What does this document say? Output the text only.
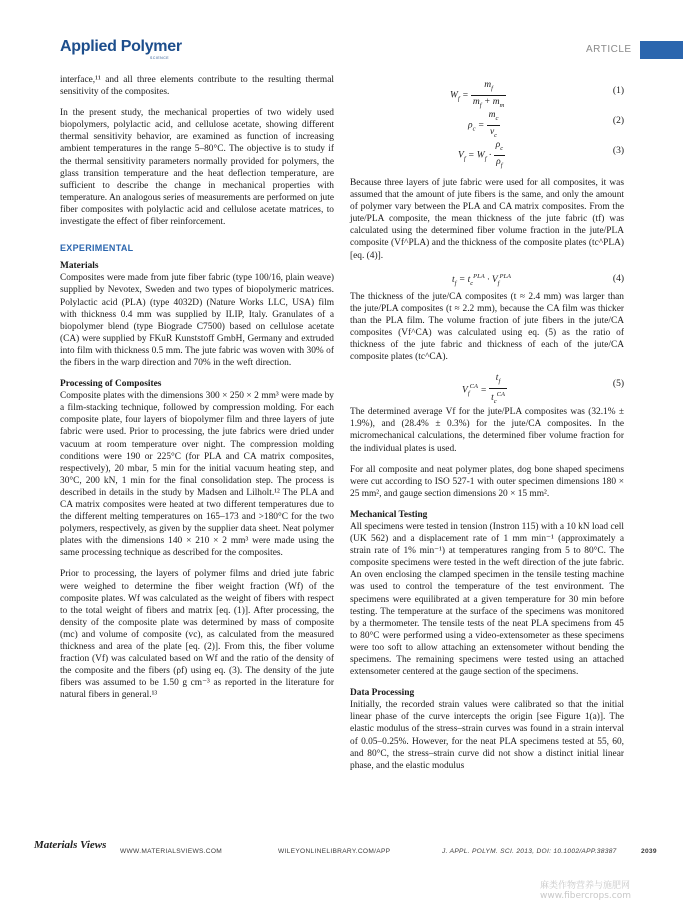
Applied Polymer
SCIENCE
ARTICLE

interface,¹¹ and all three elements contribute to the resulting thermal sensitivity of the composites.

In the present study, the mechanical properties of two widely used biopolymers, polylactic acid, and cellulose acetate, showing different thermal sensitivity behavior, are examined as function of increasing ambient temperatures in the range 5–80°C. The objective is to study if the thermal sensitivity parameters normally provided for polymers, the glass transition temperature and the heat deflection temperature, are sufficient to describe the change in mechanical properties with temperature. An analogous series of measurements are performed on jute fiber composites with polylactic acid and cellulose acetate matrices, to investigate the effect of fiber reinforcement.

EXPERIMENTAL
Materials

Composites were made from jute fiber fabric (type 100/16, plain weave) supplied by Nevotex, Sweden and two types of biopolymeric matrices. Polylactic acid (PLA) (type 4032D) (Nature Works LLC, USA) film with thickness 0.4 mm was supplied by ILIP, Italy. Granulates of a biopolymer blend (type Biograde C7500) based on cellulose acetate (CA) were supplied by FKuR Kunststoff GmbH, Germany and extruded into film with thickness 0.5 mm. The jute fabric was woven with 30% of the fibers in the warp direction and 70% in the weft direction.

Processing of Composites

Composite plates with the dimensions 300 × 250 × 2 mm³ were made by a film-stacking technique, followed by compression molding. For each composite plate, four layers of biopolymer film and three layers of jute fabric were used. Prior to processing, the jute fabrics were dried under vacuum at room temperature over night. The compression molding conditions were 190 or 225°C (for PLA and CA matrix composites, respectively), 20 mbar, 5 min for the initial vacuum heating step, and 30°C, 200 kN, 1 min for the final consolidation step. The process is described in details in the study by Madsen and Lilholt.¹² The PLA and CA matrix composites were heated at two different temperatures due to the different melting temperatures on 165–173 and >180°C for the two polymers, respectively, as given by the supplier data sheet. Neat polymer plates with the dimensions 140 × 210 × 2 mm³ were made using the same processing technique as described for the composites.

Prior to processing, the layers of polymer films and dried jute fabric were weighed to determine the fiber weight fraction (Wf) of the composite plates. Wf was calculated as the weight of fibers with respect to the total weight of fibers and matrix [eq. (1)]. After processing, the density of the composite plate was determined by mass of composite (mc) and volume of composite (vc), as calculated from the measured thickness and area of the plate [eq. (2)]. From this, the fiber volume fraction (Vf) was calculated based on Wf and the ratio of the density of the composite and the fibers (ρf) using eq. (3). The density of the jute fibers was assumed to be 1.50 g cm⁻³ as reported in the literature for natural fibers in general.¹³

$W_f = \frac{m_f}{m_f + m_m}$	(1)
$\rho_c = \frac{m_c}{v_c}$	(2)
$V_f = W_f \cdot \frac{\rho_c}{\rho_f}$	(3)

Because three layers of jute fabric were used for all composites, it was assumed that the amount of jute fibers is the same, and only the amount of polymer vary between the PLA and CA matrix composites. From the jute/PLA composite, the mean thickness of the jute fabric (tf) was calculated using the determined fiber volume fraction in the jute/PLA composite (Vf^PLA) and the thickness of the composite plates (tc^PLA) [eq. (4)].

$t_f = t_c^{PLA} \cdot V_f^{PLA}$	(4)

The thickness of the jute/CA composites (t ≈ 2.4 mm) was larger than the jute/PLA composites (t ≈ 2.2 mm), because the CA film was thicker than the PLA film. The volume fraction of jute fibers in the jute/CA composites (Vf^CA) was calculated using eq. (5) as the ratio of thickness of the jute fabric and thickness of each of the jute/CA composite plates (tc^CA).

$V_f^{CA} = \frac{t_f}{t_c^{CA}}$	(5)

The determined average Vf for the jute/PLA composites was (32.1% ± 1.9%), and (28.4% ± 0.3%) for the jute/CA composites. In the micromechanical calculations, the determined fiber volume fraction for the individual plates is used.

For all composite and neat polymer plates, dog bone shaped specimens were cut according to ISO 527-1 with outer specimen dimensions 180 × 25 mm², and gauge section dimensions 20 × 15 mm².

Mechanical Testing

All specimens were tested in tension (Instron 115) with a 10 kN load cell (UK 562) and a displacement rate of 1 mm min⁻¹ (approximately a strain rate of 1% min⁻¹) at temperatures ranging from 5 to 80°C. The composite specimens were tested in the weft direction of the jute fabric. An oven enclosing the clamped specimen in the tensile testing machine was used to control the temperature of the test environment. The specimens were equilibrated at a given temperature for 30 min before testing. The temperature at the surface of the specimens was monitored by a thermometer. The tensile tests of the neat PLA specimens from 45 to 80°C were performed using a video-extensometer as these specimens were too soft to allow attaching an extensometer without bending the specimens. The remaining specimens were tested using an attached extensometer centered at the gauge section of the specimens.

Data Processing

Initially, the recorded strain values were calibrated so that the initial linear phase of the curve intercepts the origin [see Figure 1(a)]. The elastic modulus of the stress–strain curves was found in a strain interval of 0.05–0.25%. However, for the neat PLA specimens tested at 55, 60, and 80°C, the stress–strain curve did not show a distinct initial linear phase, and the elastic modulus

Materials Views
WWW.MATERIALSVIEWS.COM	WILEYONLINELIBRARY.COM/APP	J. APPL. POLYM. SCI. 2013, DOI: 10.1002/APP.38387	2039
麻类作物营养与施肥网 www.fibercrops.com
